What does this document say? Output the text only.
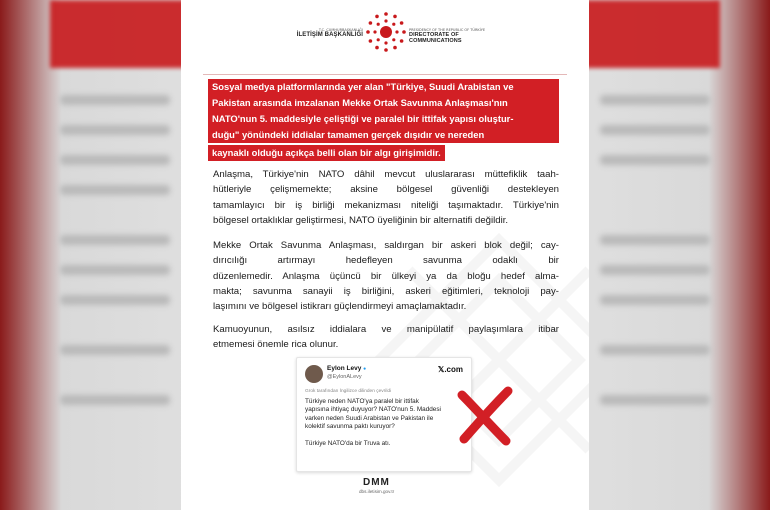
T.C. CUMHURBAŞKANLIĞI
İLETİŞİM BAŞKANLIĞI
PRESIDENCY OF THE REPUBLIC OF TÜRKİYE
DIRECTORATE OF
COMMUNICATIONS
Sosyal medya platformlarında yer alan "Türkiye, Suudi Arabistan ve
Pakistan arasında imzalanan Mekke Ortak Savunma Anlaşması'nın
NATO'nun 5. maddesiyle çeliştiği ve paralel bir ittifak yapısı oluştur-
duğu" yönündeki iddialar tamamen gerçek dışıdır ve nereden
kaynaklı olduğu açıkça belli olan bir algı girişimidir.
Anlaşma, Türkiye'nin NATO dâhil mevcut uluslararası müttefiklik taah-
hütleriyle çelişmemekte; aksine bölgesel güvenliği destekleyen
tamamlayıcı bir iş birliği mekanizması niteliği taşımaktadır. Türkiye'nin
bölgesel ortaklıklar geliştirmesi, NATO üyeliğinin bir alternatifi değildir.
Mekke Ortak Savunma Anlaşması, saldırgan bir askeri blok değil; cay-
dırıcılığı artırmayı hedefleyen savunma odaklı bir
düzenlemedir. Anlaşma üçüncü bir ülkeyi ya da bloğu hedef alma-
makta; savunma sanayii iş birliğini, askeri eğitimleri, teknoloji pay-
laşımını ve bölgesel istikrarı güçlendirmeyi amaçlamaktadır.
Kamuoyunun, asılsız iddialara ve manipülatif paylaşımlara itibar
etmemesi önemle rica olunur.
Eylon Levy ●
@EylonALevy
𝕏.com
Grok tarafından İngilizce dilinden çevrildi
Türkiye neden NATO'ya paralel bir ittifak
yapısına ihtiyaç duyuyor? NATO'nun 5. Maddesi
varken neden Suudi Arabistan ve Pakistan ile
kolektif savunma paktı kuruyor?
Türkiye NATO'da bir Truva atı.
DMM
dbs.iletisim.gov.tr
